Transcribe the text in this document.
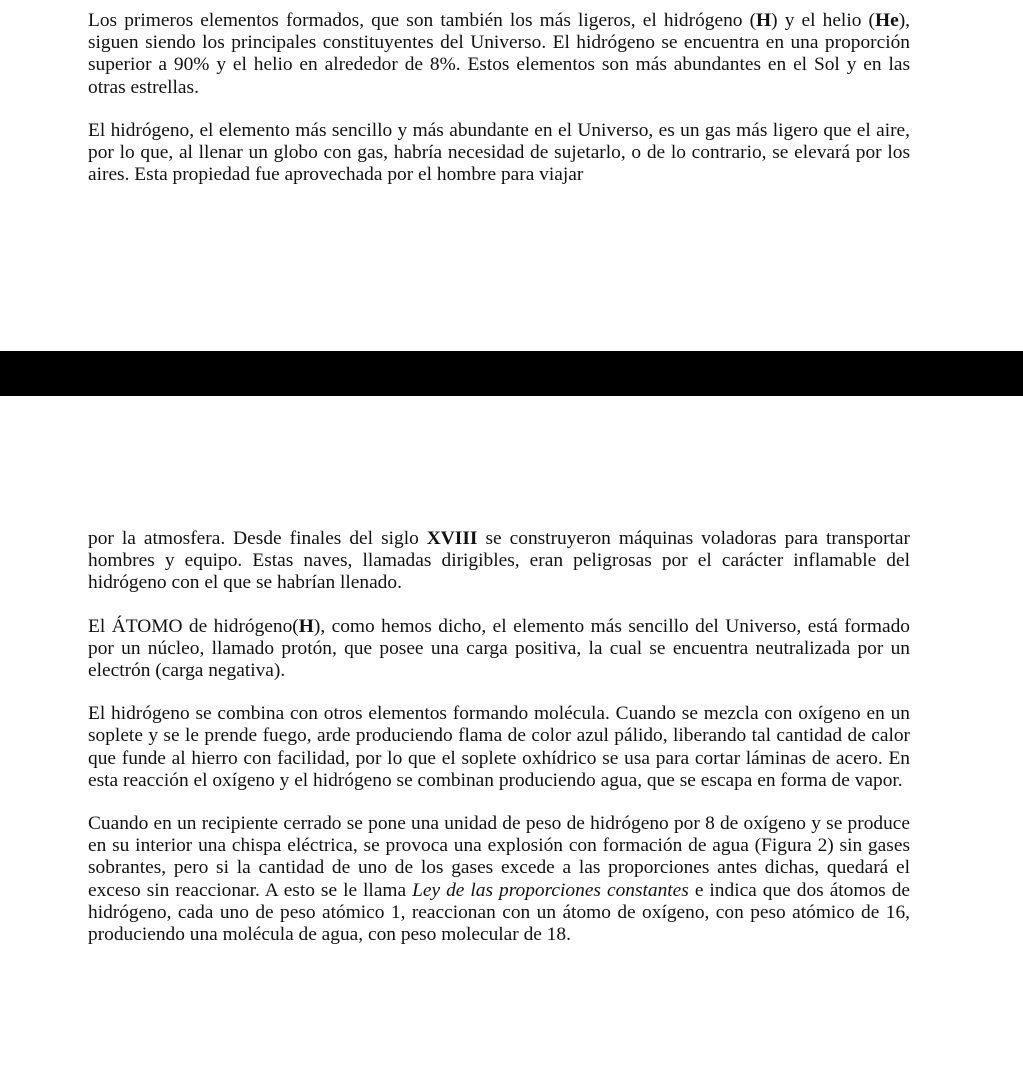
Los primeros elementos formados, que son también los más ligeros, el hidrógeno (H) y el helio (He), siguen siendo los principales constituyentes del Universo. El hidrógeno se encuentra en una proporción superior a 90% y el helio en alrededor de 8%. Estos elementos son más abundantes en el Sol y en las otras estrellas.

El hidrógeno, el elemento más sencillo y más abundante en el Universo, es un gas más ligero que el aire, por lo que, al llenar un globo con gas, habría necesidad de sujetarlo, o de lo contrario, se elevará por los aires. Esta propiedad fue aprovechada por el hombre para viajar

por la atmosfera. Desde finales del siglo XVIII se construyeron máquinas voladoras para transportar hombres y equipo. Estas naves, llamadas dirigibles, eran peligrosas por el carácter inflamable del hidrógeno con el que se habrían llenado.

El ÁTOMO de hidrógeno(H), como hemos dicho, el elemento más sencillo del Universo, está formado por un núcleo, llamado protón, que posee una carga positiva, la cual se encuentra neutralizada por un electrón (carga negativa).

El hidrógeno se combina con otros elementos formando molécula. Cuando se mezcla con oxígeno en un soplete y se le prende fuego, arde produciendo flama de color azul pálido, liberando tal cantidad de calor que funde al hierro con facilidad, por lo que el soplete oxhídrico se usa para cortar láminas de acero. En esta reacción el oxígeno y el hidrógeno se combinan produciendo agua, que se escapa en forma de vapor.

Cuando en un recipiente cerrado se pone una unidad de peso de hidrógeno por 8 de oxígeno y se produce en su interior una chispa eléctrica, se provoca una explosión con formación de agua (Figura 2) sin gases sobrantes, pero si la cantidad de uno de los gases excede a las proporciones antes dichas, quedará el exceso sin reaccionar. A esto se le llama Ley de las proporciones constantes e indica que dos átomos de hidrógeno, cada uno de peso atómico 1, reaccionan con un átomo de oxígeno, con peso atómico de 16, produciendo una molécula de agua, con peso molecular de 18.
